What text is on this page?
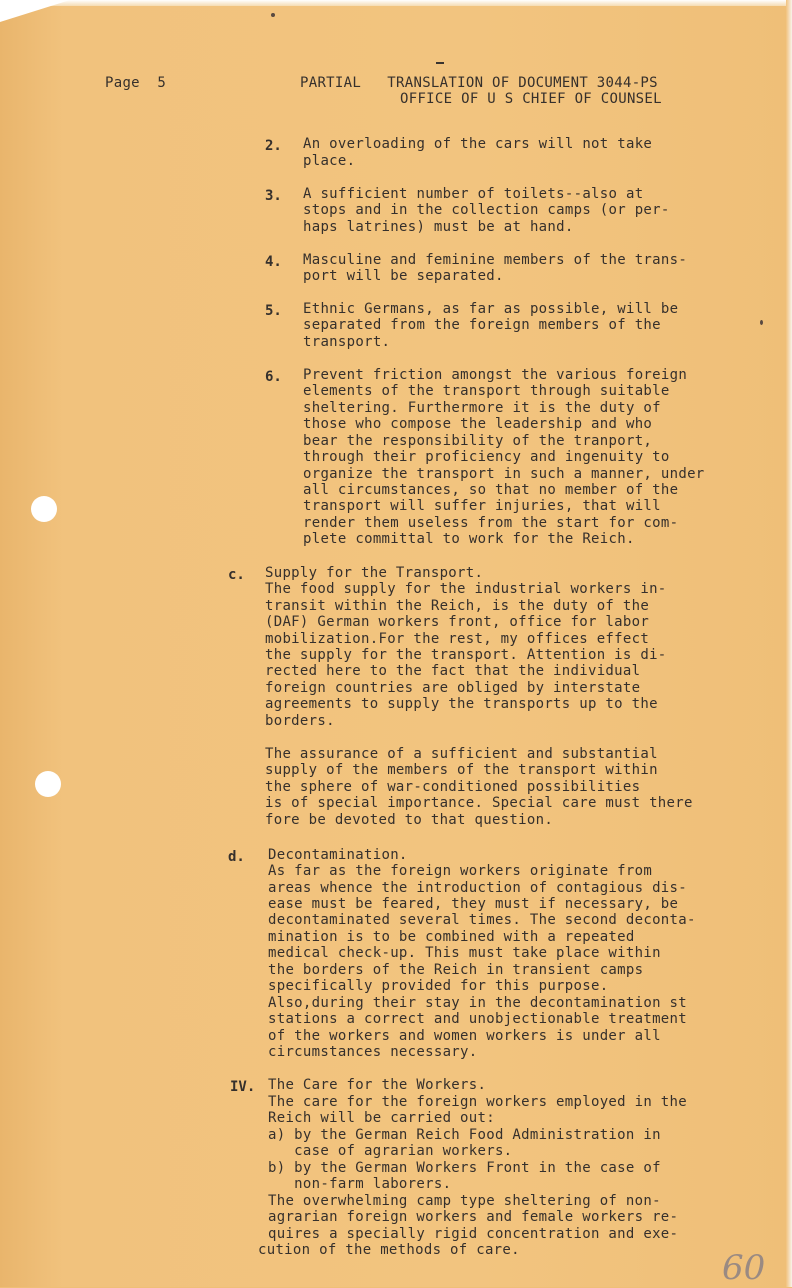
Page  5	PARTIAL   TRANSLATION OF DOCUMENT 3044-PS
OFFICE OF U S CHIEF OF COUNSEL
2. An overloading of the cars will not take
place.
3. A sufficient number of toilets--also at
stops and in the collection camps (or per-
haps latrines) must be at hand.
4. Masculine and feminine members of the trans-
port will be separated.
5. Ethnic Germans, as far as possible, will be
separated from the foreign members of the
transport.
6. Prevent friction amongst the various foreign
elements of the transport through suitable
sheltering. Furthermore it is the duty of
those who compose the leadership and who
bear the responsibility of the tranport,
through their proficiency and ingenuity to
organize the transport in such a manner, under
all circumstances, so that no member of the
transport will suffer injuries, that will
render them useless from the start for com-
plete committal to work for the Reich.
c. Supply for the Transport.
The food supply for the industrial workers in-
transit within the Reich, is the duty of the
(DAF) German workers front, office for labor
mobilization.For the rest, my offices effect
the supply for the transport. Attention is di-
rected here to the fact that the individual
foreign countries are obliged by interstate
agreements to supply the transports up to the
borders.
The assurance of a sufficient and substantial
supply of the members of the transport within
the sphere of war-conditioned possibilities
is of special importance. Special care must there
fore be devoted to that question.
d. Decontamination.
As far as the foreign workers originate from
areas whence the introduction of contagious dis-
ease must be feared, they must if necessary, be
decontaminated several times. The second deconta-
mination is to be combined with a repeated
medical check-up. This must take place within
the borders of the Reich in transient camps
specifically provided for this purpose.
Also,during their stay in the decontamination st
stations a correct and unobjectionable treatment
of the workers and women workers is under all
circumstances necessary.
IV. The Care for the Workers.
The care for the foreign workers employed in the
Reich will be carried out:
a) by the German Reich Food Administration in
case of agrarian workers.
b) by the German Workers Front in the case of
non-farm laborers.
The overwhelming camp type sheltering of non-
agrarian foreign workers and female workers re-
quires a specially rigid concentration and exe-
cution of the methods of care.	60
